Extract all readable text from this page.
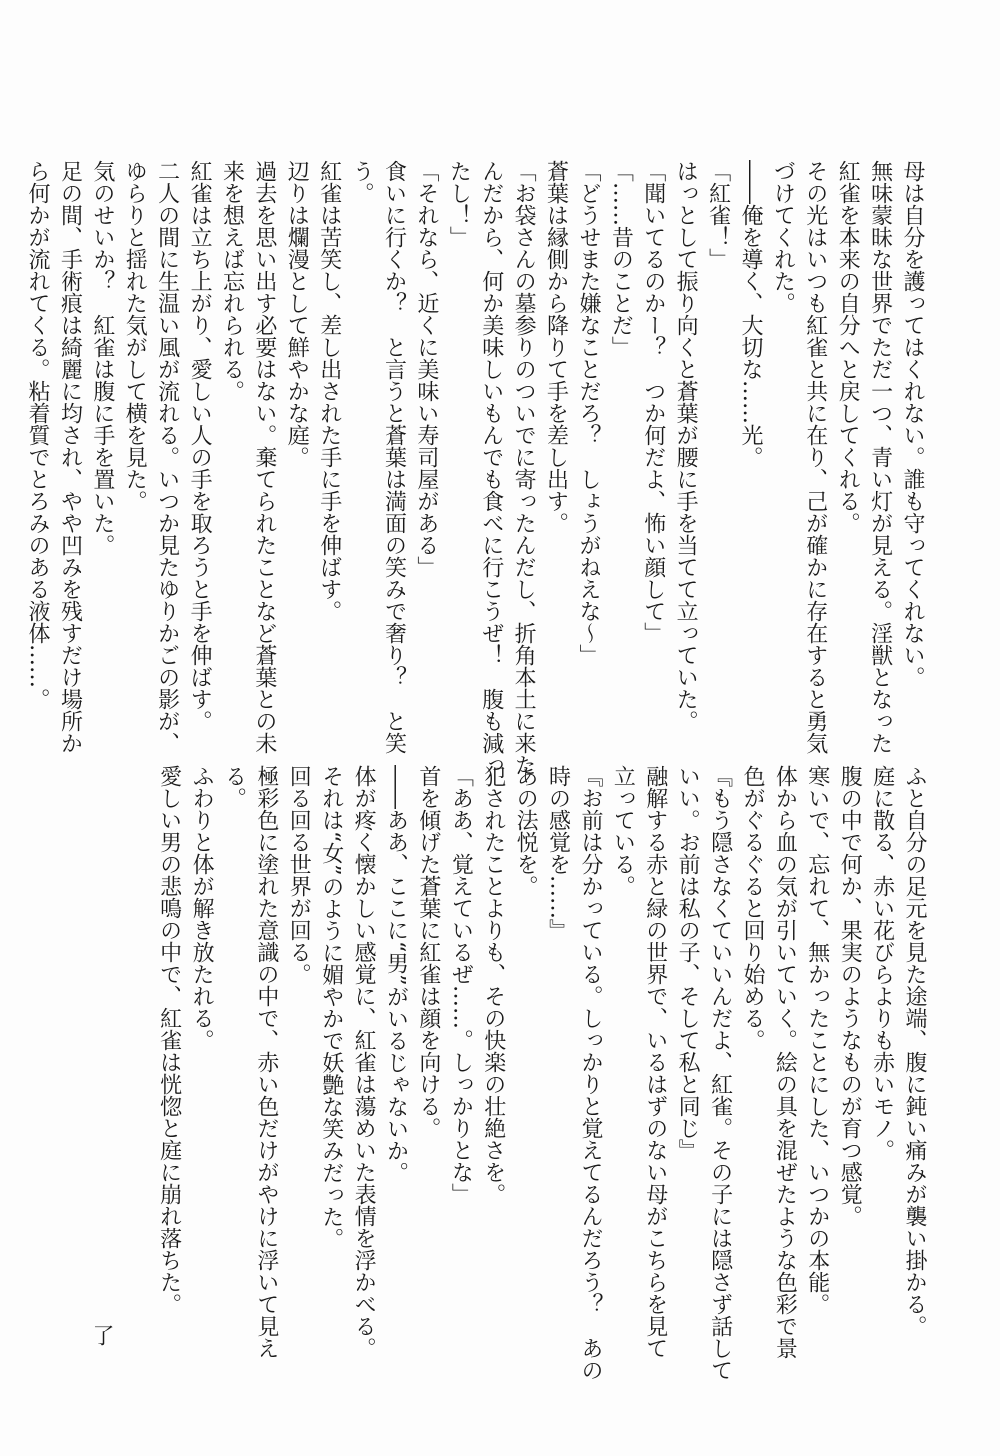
母は自分を護ってはくれない。誰も守ってくれない。

無味蒙昧な世界でただ一つ、青い灯が見える。淫獣となった

紅雀を本来の自分へと戻してくれる。

その光はいつも紅雀と共に在り、己が確かに存在すると勇気

づけてくれた。

――俺を導く、大切な……光。

「紅雀！」

はっとして振り向くと蒼葉が腰に手を当てて立っていた。

「聞いてるのかー？　つか何だよ、怖い顔して」

「……昔のことだ」

「どうせまた嫌なことだろ？　しょうがねえな～」

蒼葉は縁側から降りて手を差し出す。

「お袋さんの墓参りのついでに寄ったんだし、折角本土に来た

んだから、何か美味しいもんでも食べに行こうぜ！　腹も減っ

たし！」

「それなら、近くに美味い寿司屋がある」

食いに行くか？　と言うと蒼葉は満面の笑みで奢り？　と笑

う。

紅雀は苦笑し、差し出された手に手を伸ばす。

辺りは爛漫として鮮やかな庭。

過去を思い出す必要はない。棄てられたことなど蒼葉との未

来を想えば忘れられる。

紅雀は立ち上がり、愛しい人の手を取ろうと手を伸ばす。

二人の間に生温い風が流れる。いつか見たゆりかごの影が、

ゆらりと揺れた気がして横を見た。

気のせいか？　紅雀は腹に手を置いた。

足の間、手術痕は綺麗に均され、やや凹みを残すだけ場所か

ら何かが流れてくる。粘着質でとろみのある液体……。

ふと自分の足元を見た途端、腹に鈍い痛みが襲い掛かる。

庭に散る、赤い花びらよりも赤いモノ。

腹の中で何か、果実のようなものが育つ感覚。

寒いで、忘れて、無かったことにした、いつかの本能。

体から血の気が引いていく。絵の具を混ぜたような色彩で景

色がぐるぐると回り始める。

『もう隠さなくていいんだよ、紅雀。その子には隠さず話して

いい。お前は私の子、そして私と同じ』

融解する赤と緑の世界で、いるはずのない母がこちらを見て

立っている。

『お前は分かっている。しっかりと覚えてるんだろう？　あの

時の感覚を……』

あの法悦を。

犯されたことよりも、その快楽の壮絶さを。

「ああ、覚えているぜ……。しっかりとな」

首を傾げた蒼葉に紅雀は顔を向ける。

――ああ、ここに“男”がいるじゃないか。

体が疼く懐かしい感覚に、紅雀は蕩めいた表情を浮かべる。

それは“女”のように媚やかで妖艶な笑みだった。

回る回る世界が回る。

極彩色に塗れた意識の中で、赤い色だけがやけに浮いて見え

る。

ふわりと体が解き放たれる。

愛しい男の悲鳴の中で、紅雀は恍惚と庭に崩れ落ちた。

了
